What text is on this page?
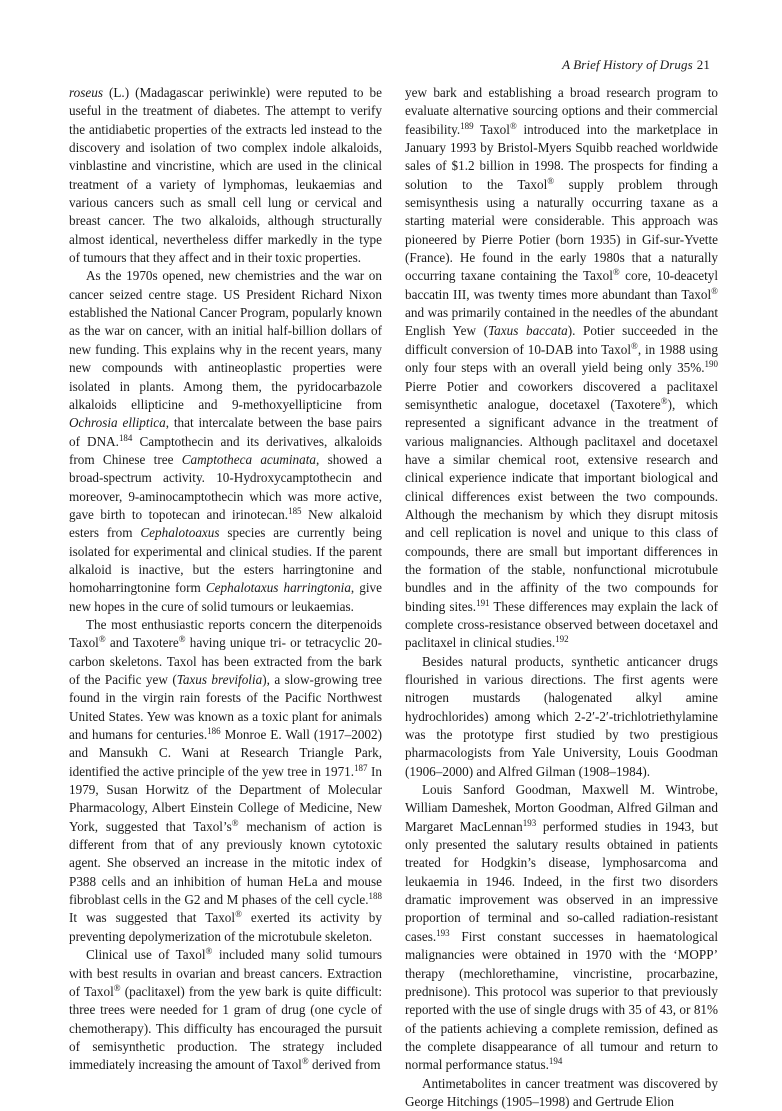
A Brief History of Drugs 21

roseus (L.) (Madagascar periwinkle) were reputed to be useful in the treatment of diabetes. The attempt to verify the antidiabetic properties of the extracts led instead to the discovery and isolation of two complex indole alkaloids, vinblastine and vincristine, which are used in the clinical treatment of a variety of lymphomas, leukaemias and various cancers such as small cell lung or cervical and breast cancer. The two alkaloids, although structurally almost identical, nevertheless differ markedly in the type of tumours that they affect and in their toxic properties.

As the 1970s opened, new chemistries and the war on cancer seized centre stage. US President Richard Nixon established the National Cancer Program, popularly known as the war on cancer, with an initial half-billion dollars of new funding. This explains why in the recent years, many new compounds with antineoplastic properties were isolated in plants. Among them, the pyridocarbazole alkaloids ellipticine and 9-methoxyellipticine from Ochrosia elliptica, that intercalate between the base pairs of DNA.$^{184}$ Camptothecin and its derivatives, alkaloids from Chinese tree Camptotheca acuminata, showed a broad-spectrum activity. 10-Hydroxycamptothecin and moreover, 9-aminocamptothecin which was more active, gave birth to topotecan and irinotecan.$^{185}$ New alkaloid esters from Cephalotoaxus species are currently being isolated for experimental and clinical studies. If the parent alkaloid is inactive, but the esters harringtonine and homoharringtonine form Cephalotaxus harringtonia, give new hopes in the cure of solid tumours or leukaemias.

The most enthusiastic reports concern the diterpenoids Taxol® and Taxotere® having unique tri- or tetracyclic 20-carbon skeletons. Taxol has been extracted from the bark of the Pacific yew (Taxus brevifolia), a slow-growing tree found in the virgin rain forests of the Pacific Northwest United States. Yew was known as a toxic plant for animals and humans for centuries.$^{186}$ Monroe E. Wall (1917–2002) and Mansukh C. Wani at Research Triangle Park, identified the active principle of the yew tree in 1971.$^{187}$ In 1979, Susan Horwitz of the Department of Molecular Pharmacology, Albert Einstein College of Medicine, New York, suggested that Taxol’s® mechanism of action is different from that of any previously known cytotoxic agent. She observed an increase in the mitotic index of P388 cells and an inhibition of human HeLa and mouse fibroblast cells in the G2 and M phases of the cell cycle.$^{188}$ It was suggested that Taxol® exerted its activity by preventing depolymerization of the microtubule skeleton.

Clinical use of Taxol® included many solid tumours with best results in ovarian and breast cancers. Extraction of Taxol® (paclitaxel) from the yew bark is quite difficult: three trees were needed for 1 gram of drug (one cycle of chemotherapy). This difficulty has encouraged the pursuit of semisynthetic production. The strategy included immediately increasing the amount of Taxol® derived from

yew bark and establishing a broad research program to evaluate alternative sourcing options and their commercial feasibility.$^{189}$ Taxol® introduced into the marketplace in January 1993 by Bristol-Myers Squibb reached worldwide sales of $1.2 billion in 1998. The prospects for finding a solution to the Taxol® supply problem through semisynthesis using a naturally occurring taxane as a starting material were considerable. This approach was pioneered by Pierre Potier (born 1935) in Gif-sur-Yvette (France). He found in the early 1980s that a naturally occurring taxane containing the Taxol® core, 10-deacetyl baccatin III, was twenty times more abundant than Taxol® and was primarily contained in the needles of the abundant English Yew (Taxus baccata). Potier succeeded in the difficult conversion of 10-DAB into Taxol®, in 1988 using only four steps with an overall yield being only 35%.$^{190}$ Pierre Potier and coworkers discovered a paclitaxel semisynthetic analogue, docetaxel (Taxotere®), which represented a significant advance in the treatment of various malignancies. Although paclitaxel and docetaxel have a similar chemical root, extensive research and clinical experience indicate that important biological and clinical differences exist between the two compounds. Although the mechanism by which they disrupt mitosis and cell replication is novel and unique to this class of compounds, there are small but important differences in the formation of the stable, nonfunctional microtubule bundles and in the affinity of the two compounds for binding sites.$^{191}$ These differences may explain the lack of complete cross-resistance observed between docetaxel and paclitaxel in clinical studies.$^{192}$

Besides natural products, synthetic anticancer drugs flourished in various directions. The first agents were nitrogen mustards (halogenated alkyl amine hydrochlorides) among which 2-2′-2′-trichlotriethylamine was the prototype first studied by two prestigious pharmacologists from Yale University, Louis Goodman (1906–2000) and Alfred Gilman (1908–1984).

Louis Sanford Goodman, Maxwell M. Wintrobe, William Dameshek, Morton Goodman, Alfred Gilman and Margaret MacLennan$^{193}$ performed studies in 1943, but only presented the salutary results obtained in patients treated for Hodgkin’s disease, lymphosarcoma and leukaemia in 1946. Indeed, in the first two disorders dramatic improvement was observed in an impressive proportion of terminal and so-called radiation-resistant cases.$^{193}$ First constant successes in haematological malignancies were obtained in 1970 with the ‘MOPP’ therapy (mechlorethamine, vincristine, procarbazine, prednisone). This protocol was superior to that previously reported with the use of single drugs with 35 of 43, or 81% of the patients achieving a complete remission, defined as the complete disappearance of all tumour and return to normal performance status.$^{194}$

Antimetabolites in cancer treatment was discovered by George Hitchings (1905–1998) and Gertrude Elion
